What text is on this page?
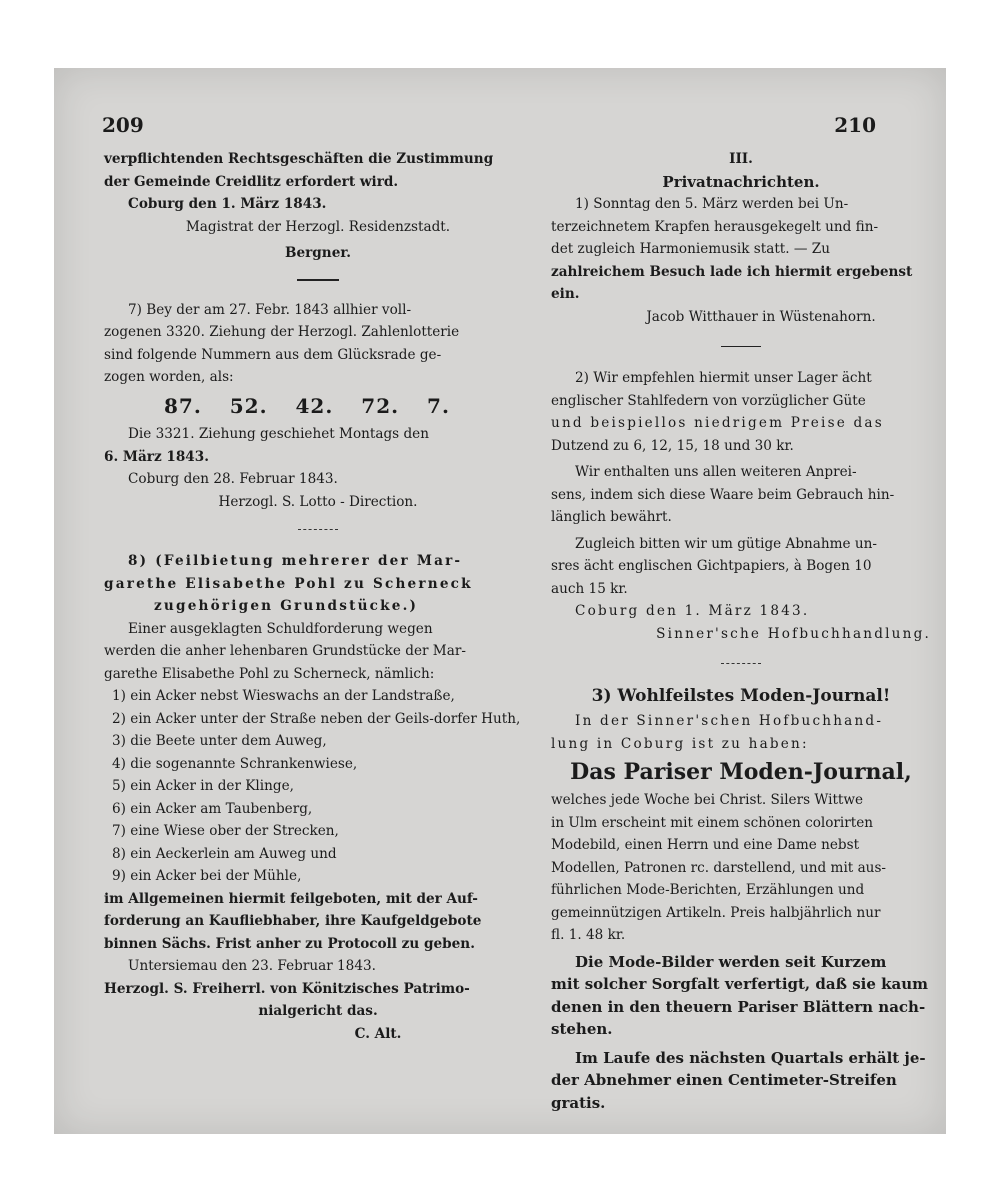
209	210

verpflichtenden Rechtsgeschäften die Zustimmung

der Gemeinde Creidlitz erfordert wird.

Coburg den 1. März 1843.

Magistrat der Herzogl. Residenzstadt.

Bergner.

7) Bey der am 27. Febr. 1843 allhier voll-

zogenen 3320. Ziehung der Herzogl. Zahlenlotterie

sind folgende Nummern aus dem Glücksrade ge-

zogen worden, als:

87. 52. 42. 72. 7.

Die 3321. Ziehung geschiehet Montags den

6. März 1843.

Coburg den 28. Februar 1843.

Herzogl. S. Lotto - Direction.

8) (Feilbietung mehrerer der Mar-

garethe Elisabethe Pohl zu Scherneck

zugehörigen Grundstücke.)

Einer ausgeklagten Schuldforderung wegen

werden die anher lehenbaren Grundstücke der Mar-

garethe Elisabethe Pohl zu Scherneck, nämlich:

1) ein Acker nebst Wieswachs an der Landstraße,
2) ein Acker unter der Straße neben der Geils-dorfer Huth,
3) die Beete unter dem Auweg,
4) die sogenannte Schrankenwiese,
5) ein Acker in der Klinge,
6) ein Acker am Taubenberg,
7) eine Wiese ober der Strecken,
8) ein Aeckerlein am Auweg und
9) ein Acker bei der Mühle,

im Allgemeinen hiermit feilgeboten, mit der Auf-

forderung an Kaufliebhaber, ihre Kaufgeldgebote

binnen Sächs. Frist anher zu Protocoll zu geben.

Untersiemau den 23. Februar 1843.

Herzogl. S. Freiherrl. von Könitzisches Patrimo-

nialgericht das.

C. Alt.

III.

Privatnachrichten.

1) Sonntag den 5. März werden bei Un-

terzeichnetem Krapfen herausgekegelt und fin-

det zugleich Harmoniemusik statt. — Zu

zahlreichem Besuch lade ich hiermit ergebenst ein.

Jacob Witthauer in Wüstenahorn.

2) Wir empfehlen hiermit unser Lager ächt

englischer Stahlfedern von vorzüglicher Güte

und beispiellos niedrigem Preise das

Dutzend zu 6, 12, 15, 18 und 30 kr.

Wir enthalten uns allen weiteren Anprei-

sens, indem sich diese Waare beim Gebrauch hin-

länglich bewährt.

Zugleich bitten wir um gütige Abnahme un-

sres ächt englischen Gichtpapiers, à Bogen 10

auch 15 kr.

Coburg den 1. März 1843.

Sinner'sche Hofbuchhandlung.

3) Wohlfeilstes Moden-Journal!

In der Sinner'schen Hofbuchhand-

lung in Coburg ist zu haben:

Das Pariser Moden-Journal,

welches jede Woche bei Christ. Silers Wittwe

in Ulm erscheint mit einem schönen colorirten

Modebild, einen Herrn und eine Dame nebst

Modellen, Patronen rc. darstellend, und mit aus-

führlichen Mode-Berichten, Erzählungen und

gemeinnützigen Artikeln. Preis halbjährlich nur

fl. 1. 48 kr.

Die Mode-Bilder werden seit Kurzem

mit solcher Sorgfalt verfertigt, daß sie kaum

denen in den theuern Pariser Blättern nach-

stehen.

Im Laufe des nächsten Quartals erhält je-

der Abnehmer einen Centimeter-Streifen gratis.
